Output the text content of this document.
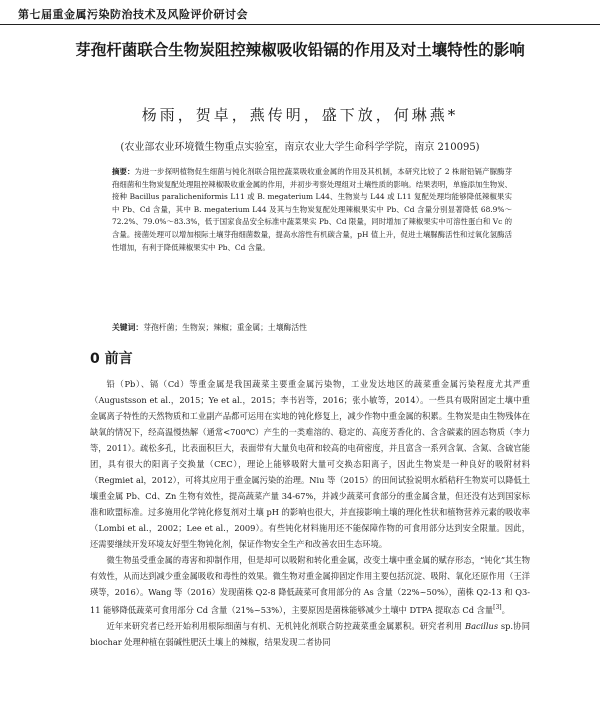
第七届重金属污染防治技术及风险评价研讨会
芽孢杆菌联合生物炭阻控辣椒吸收铅镉的作用及对土壤特性的影响
杨雨，贺卓，燕传明，盛下放，何琳燕*
(农业部农业环境微生物重点实验室，南京农业大学生命科学学院，南京 210095)
摘要：为进一步探明植物促生细菌与钝化剂联合阻控蔬菜吸收重金属的作用及其机制，本研究比较了 2 株耐铅镉产脲酶芽孢细菌和生物炭复配处理阻控辣椒吸收重金属的作用，并初步考察处理组对土壤性质的影响。结果表明，单施添加生物炭、接种 Bacillus paralicheniformis L11 或 B. megaterium L44、生物炭与 L44 或 L11 复配处理均能够降低辣椒果实中 Pb、Cd 含量，其中 B. megaterium L44 及其与生物炭复配处理辣椒果实中 Pb、Cd 含量分别显著降低 68.9%～72.2%、79.0%～83.3%，低于国家食品安全标准中蔬菜果实 Pb、Cd 限量，同时增加了辣椒果实中可溶性蛋白和 Vc 的含量。接菌处理可以增加根际土壤芽孢细菌数量，提高水溶性有机碳含量，pH 值上升，促进土壤脲酶活性和过氧化氢酶活性增加，有利于降低辣椒果实中 Pb、Cd 含量。
关键词：芽孢杆菌；生物炭；辣椒；重金属；土壤酶活性
0 前言

铅（Pb）、镉（Cd）等重金属是我国蔬菜主要重金属污染物，工业发达地区的蔬菜重金属污染程度尤其严重（Augustsson et al.，2015；Ye et al.，2015；李书岩等，2016；张小敏等，2014）。一些具有吸附固定土壤中重金属离子特性的天然物质和工业副产品都可运用在实地的钝化修复上，减少作物中重金属的积累。生物炭是由生物残体在缺氧的情况下，经高温慢热解（通常<700℃）产生的一类难溶的、稳定的、高度芳香化的、含含碳素的固态物质（李力等，2011）。疏松多孔，比表面积巨大，表面带有大量负电荷和较高的电荷密度，并且富含一系列含氧、含氮、含硫官能团，具有很大的阳离子交换量（CEC），理论上能够吸附大量可交换态阳离子，因此生物炭是一种良好的吸附材料（Regmiet al，2012），可将其应用于重金属污染的治理。Niu 等（2015）的田间试验说明水稻秸秆生物炭可以降低土壤重金属 Pb、Cd、Zn 生物有效性，提高蔬菜产量 34-67%，并减少蔬菜可食部分的重金属含量，但还没有达到国家标准和欧盟标准。过多施用化学钝化修复剂对土壤 pH 的影响也很大，并直接影响土壤的理化性状和植物营养元素的吸收率（Lombi et al.，2002；Lee et al.，2009）。有些钝化材料施用还不能保障作物的可食用部分达到安全限量。因此，还需要继续开发环境友好型生物钝化剂，保证作物安全生产和改善农田生态环境。

微生物虽受重金属的毒害和抑制作用，但是却可以吸附和转化重金属，改变土壤中重金属的赋存形态，“钝化”其生物有效性，从而达到减少重金属吸收和毒性的效果。微生物对重金属抑固定作用主要包括沉淀、吸附、氧化还原作用（王洋瑛等，2016）。Wang 等（2016）发现菌株 Q2-8 降低蔬菜可食用部分的 As 含量（22%~50%），菌株 Q2-13 和 Q3-11 能够降低蔬菜可食用部分 Cd 含量（21%~53%），主要原因是菌株能够减少土壤中 DTPA 提取态 Cd 含量[3]。

近年来研究者已经开始利用根际细菌与有机、无机钝化剂联合防控蔬菜重金属累积。研究者利用 Bacillus sp.协同 biochar 处理种植在弱碱性肥沃土壤上的辣椒，结果发现二者协同
